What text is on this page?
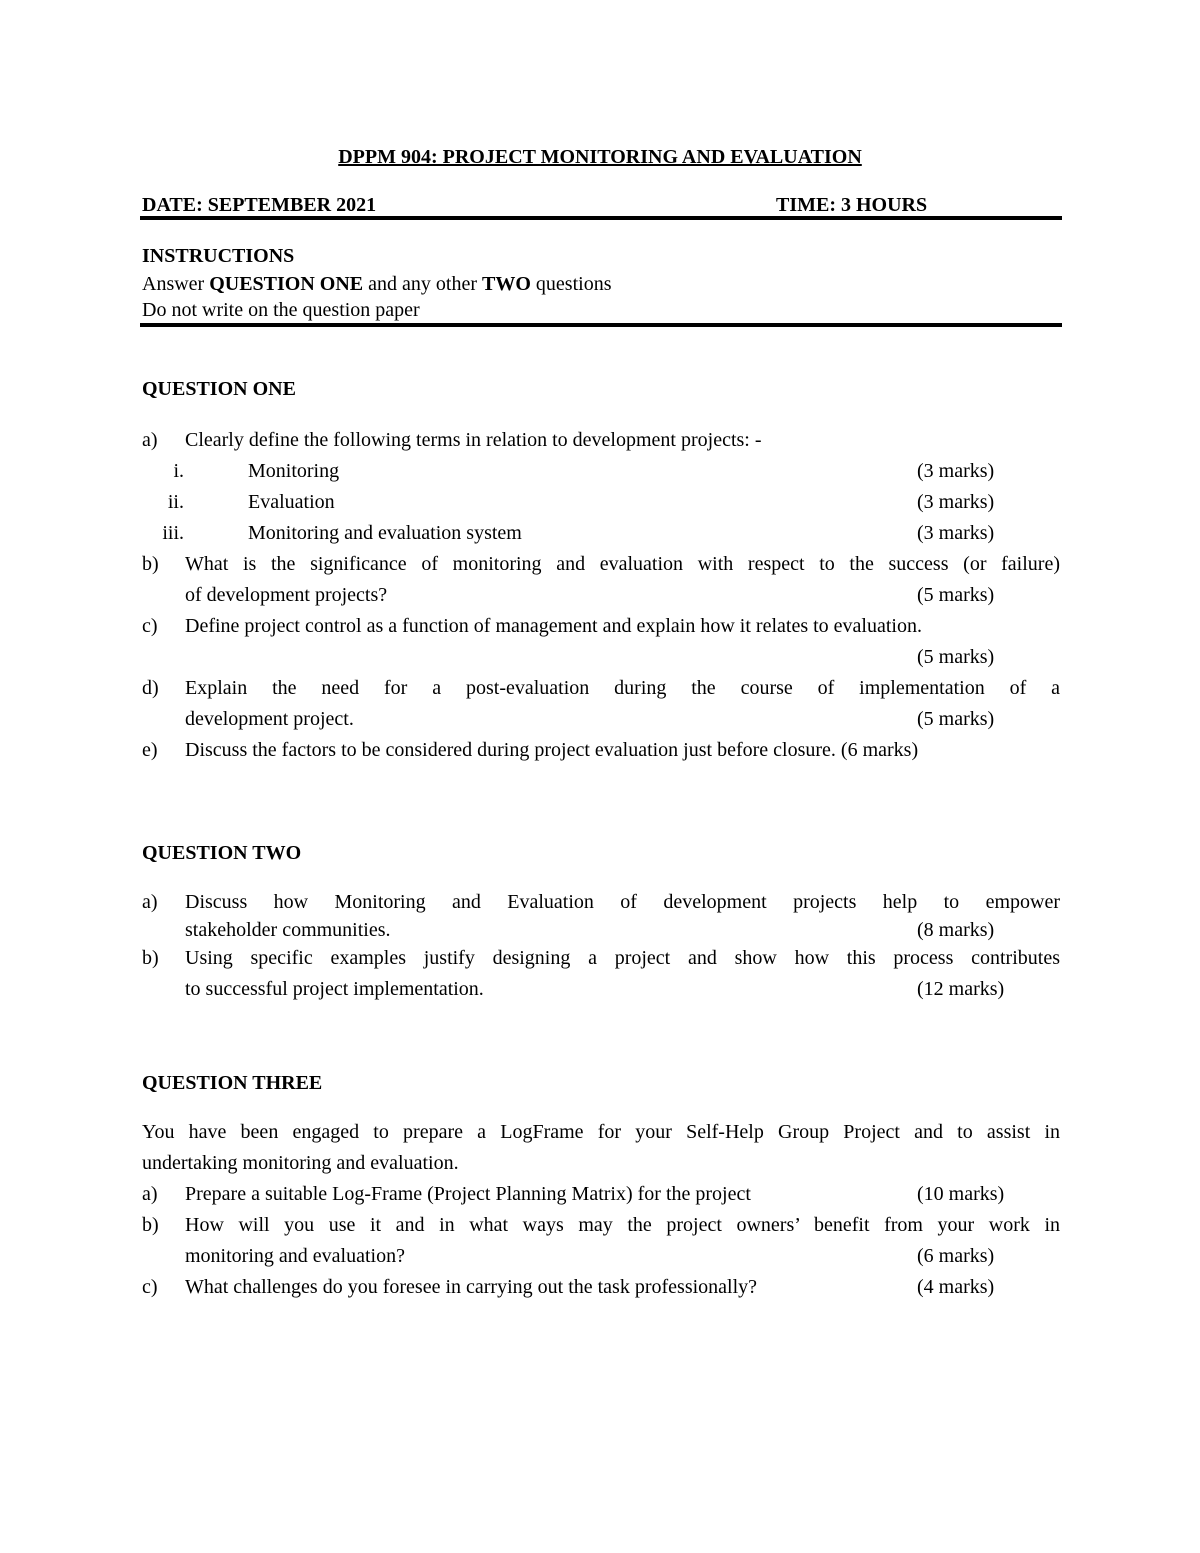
DPPM 904: PROJECT MONITORING AND EVALUATION
DATE: SEPTEMBER 2021	TIME: 3 HOURS
INSTRUCTIONS
Answer QUESTION ONE and any other TWO questions
Do not write on the question paper
QUESTION ONE
a)	Clearly define the following terms in relation to development projects: -
i.	Monitoring	(3 marks)
ii.	Evaluation	(3 marks)
iii.	Monitoring and evaluation system	(3 marks)
b)	What is the significance of monitoring and evaluation with respect to the success (or failure)
of development projects?	(5 marks)
c)	Define project control as a function of management and explain how it relates to evaluation.
(5 marks)
d)	Explain the need for a post-evaluation during the course of implementation of a
development project.	(5 marks)
e)	Discuss the factors to be considered during project evaluation just before closure. (6 marks)
QUESTION TWO
a)	Discuss how Monitoring and Evaluation of development projects help to empower
stakeholder communities.	(8 marks)
b)	Using specific examples justify designing a project and show how this process contributes
to successful project implementation.	(12 marks)
QUESTION THREE
You have been engaged to prepare a LogFrame for your Self-Help Group Project and to assist in
undertaking monitoring and evaluation.
a)	Prepare a suitable Log-Frame (Project Planning Matrix) for the project	(10 marks)
b)	How will you use it and in what ways may the project owners’ benefit from your work in
monitoring and evaluation?	(6 marks)
c)	What challenges do you foresee in carrying out the task professionally?	(4 marks)
